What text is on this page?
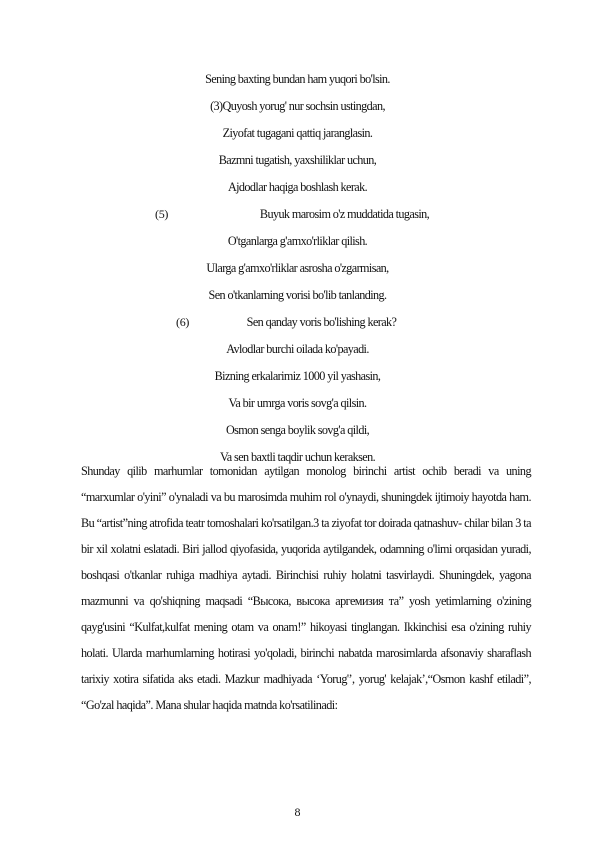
Sening baxting bundan ham yuqori bo'lsin.
(3)Quyosh yorug' nur sochsin ustingdan,
Ziyofat tugagani qattiq jaranglasin.
Bazmni tugatish, yaxshiliklar uchun,
Ajdodlar haqiga boshlash kerak.
(5)	Buyuk marosim o'z muddatida tugasin,
O'tganlarga g'amxo'rliklar qilish.
Ularga g'amxo'rliklar asrosha o'zgarmisan,
Sen o'tkanlarning vorisi bo'lib tanlanding.
(6)	Sen qanday voris bo'lishing kerak?
Avlodlar burchi oilada ko'payadi.
Bizning erkalarimiz 1000 yil yashasin,
Va bir umrga voris sovg'a qilsin.
Osmon senga boylik sovg'a qildi,
Va sen baxtli taqdir uchun keraksen.

Shunday qilib marhumlar tomonidan aytilgan monolog birinchi artist ochib beradi va uning “marxumlar o'yini” o'ynaladi va bu marosimda muhim rol o'ynaydi, shuningdek ijtimoiy hayotda ham. Bu “artist”ning atrofida teatr tomoshalari ko'rsatilgan.3 ta ziyofat tor doirada qatnashuv- chilar bilan 3 ta bir xil xolatni eslatadi. Biri jallod qiyofasida, yuqorida aytilgandek, odamning o'limi orqasidan yuradi, boshqasi o'tkanlar ruhiga madhiya aytadi. Birinchisi ruhiy holatni tasvirlaydi. Shuningdek, yagona mazmunni va qo'shiqning maqsadi “Высока, высока аргемизия та” yosh yetimlarning o'zining qayg'usini “Kulfat,kulfat mening otam va onam!” hikoyasi tinglangan. Ikkinchisi esa o'zining ruhiy holati. Ularda marhumlarning hotirasi yo'qoladi, birinchi nabatda marosimlarda afsonaviy sharaflash tarixiy xotira sifatida aks etadi. Mazkur madhiyada ‘Yorug'’, yorug' kelajak’,“Osmon kashf etiladi”, “Go'zal haqida”. Mana shular haqida matnda ko'rsatilinadi:

8
